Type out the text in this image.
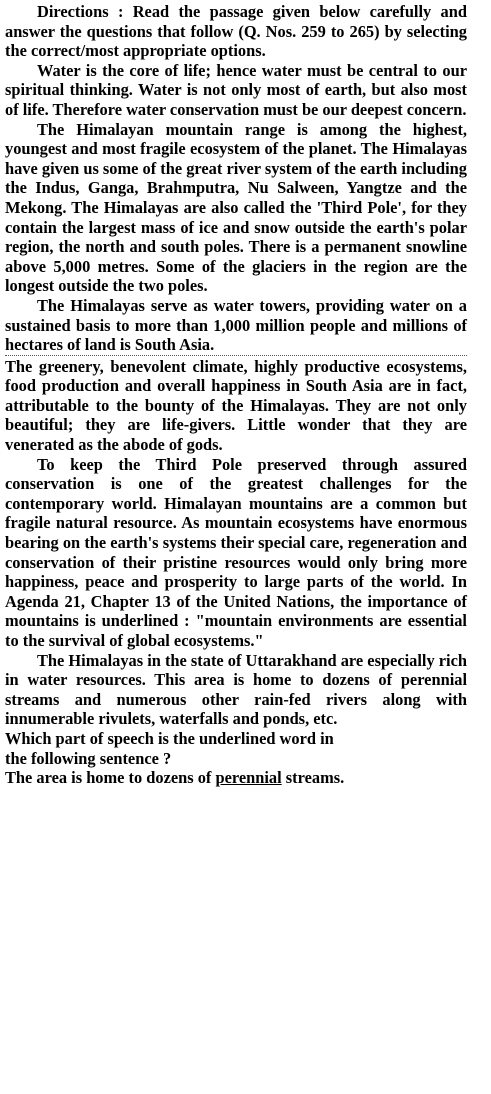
Directions : Read the passage given below carefully and answer the questions that follow (Q. Nos. 259 to 265) by selecting the correct/most appropriate options.

Water is the core of life; hence water must be central to our spiritual thinking. Water is not only most of earth, but also most of life. Therefore water conservation must be our deepest concern.

The Himalayan mountain range is among the highest, youngest and most fragile ecosystem of the planet. The Himalayas have given us some of the great river system of the earth including the Indus, Ganga, Brahmputra, Nu Salween, Yangtze and the Mekong. The Himalayas are also called the 'Third Pole', for they contain the largest mass of ice and snow outside the earth's polar region, the north and south poles. There is a permanent snowline above 5,000 metres. Some of the glaciers in the region are the longest outside the two poles.

The Himalayas serve as water towers, providing water on a sustained basis to more than 1,000 million people and millions of hectares of land is South Asia.

The greenery, benevolent climate, highly productive ecosystems, food production and overall happiness in South Asia are in fact, attributable to the bounty of the Himalayas. They are not only beautiful; they are life-givers. Little wonder that they are venerated as the abode of gods.

To keep the Third Pole preserved through assured conservation is one of the greatest challenges for the contemporary world. Himalayan mountains are a common but fragile natural resource. As mountain ecosystems have enormous bearing on the earth's systems their special care, regeneration and conservation of their pristine resources would only bring more happiness, peace and prosperity to large parts of the world. In Agenda 21, Chapter 13 of the United Nations, the importance of mountains is underlined : "mountain environments are essential to the survival of global ecosystems."

The Himalayas in the state of Uttarakhand are especially rich in water resources. This area is home to dozens of perennial streams and numerous other rain-fed rivers along with innumerable rivulets, waterfalls and ponds, etc.

Which part of speech is the underlined word in

the following sentence ?

The area is home to dozens of perennial streams.
